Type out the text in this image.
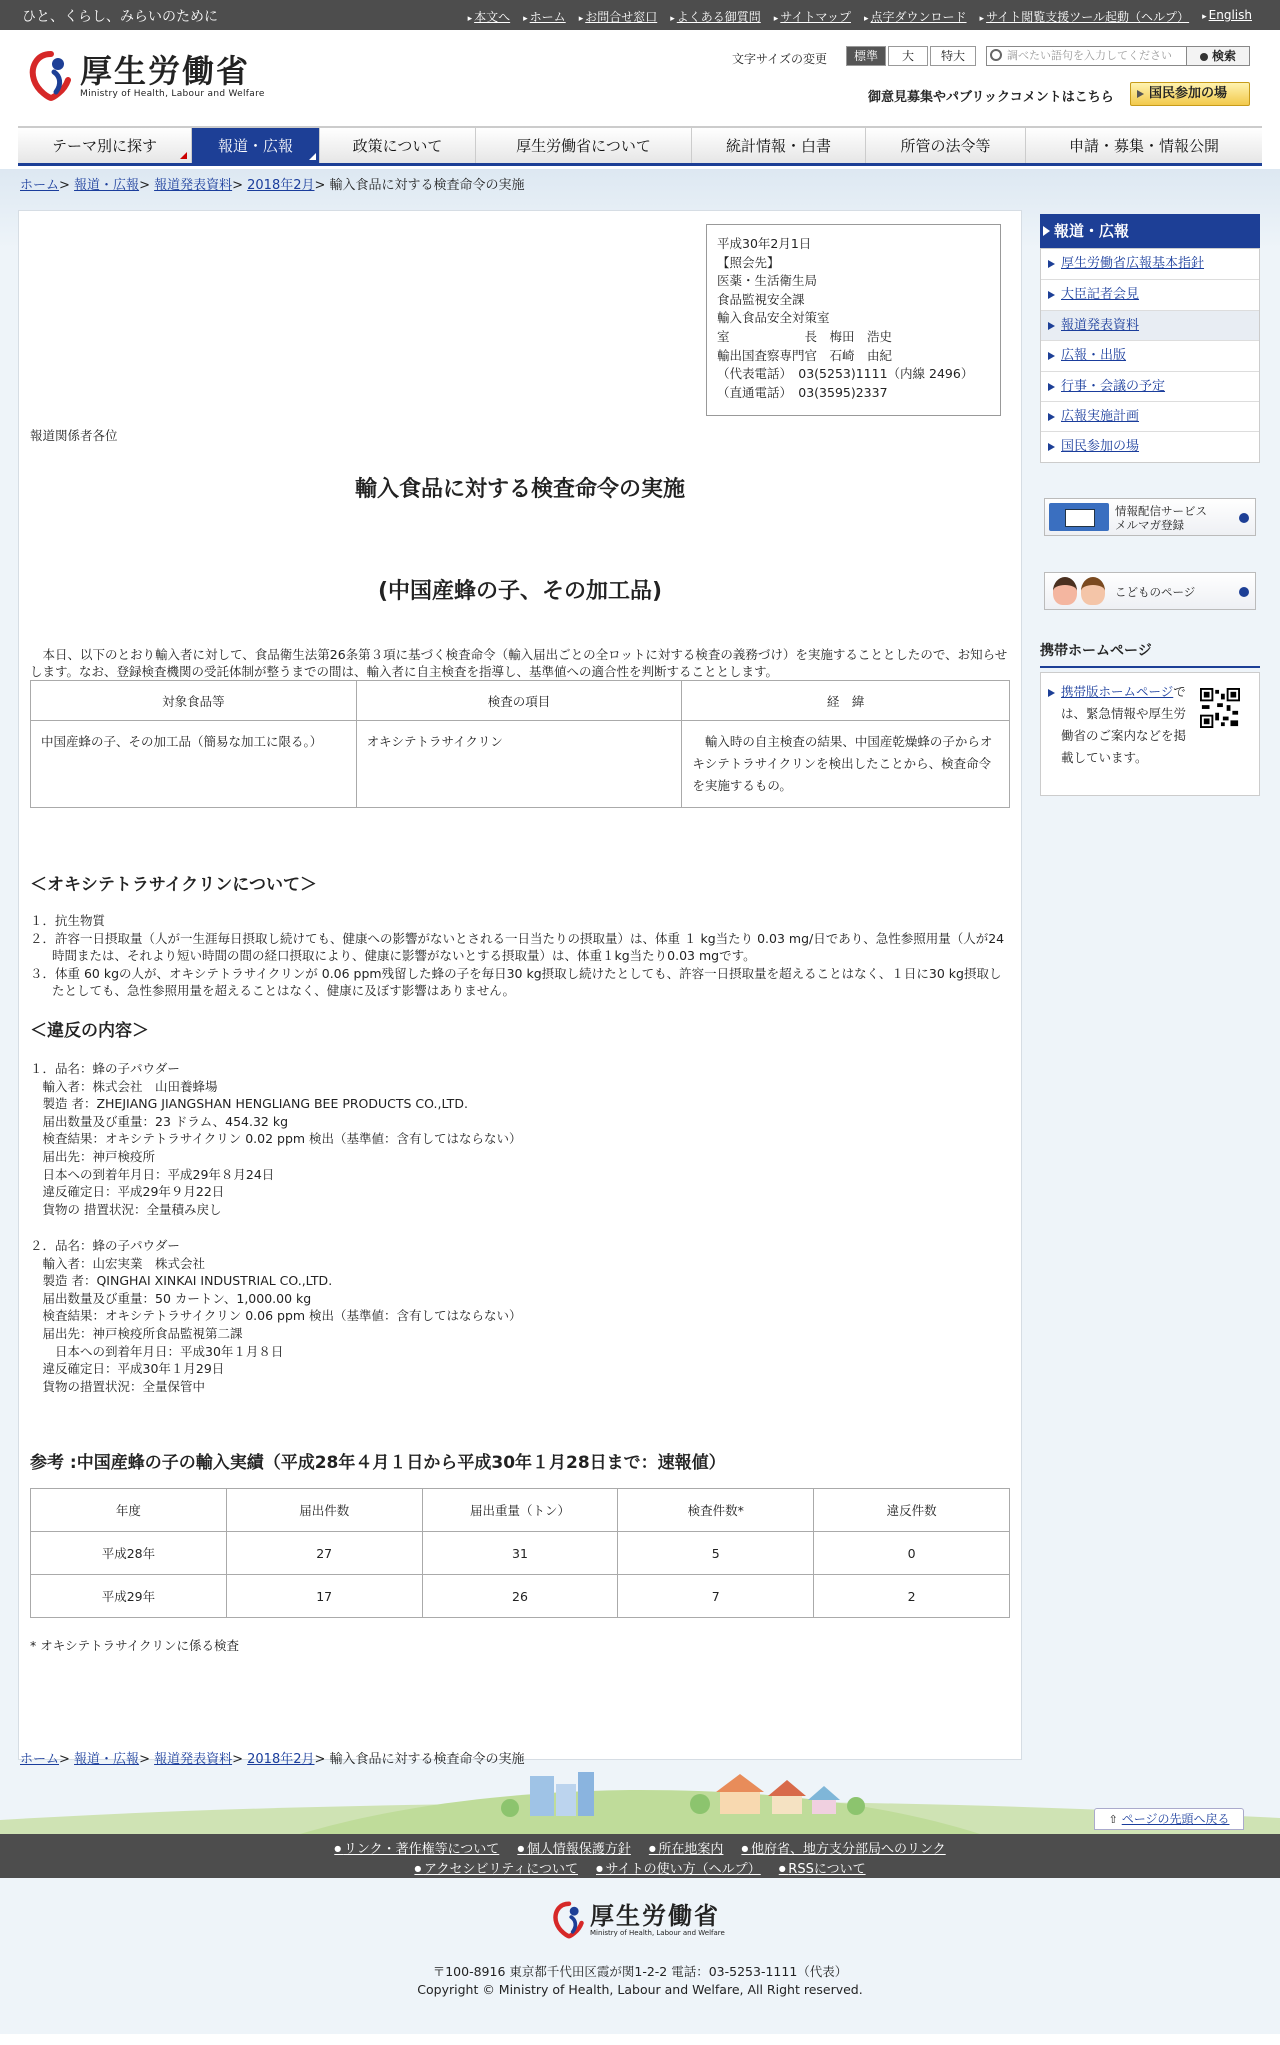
ひと、くらし、みらいのために	▸ 本文へ	▸ ホーム	▸ お問合せ窓口	▸ よくある御質問	▸ サイトマップ	▸ 点字ダウンロード	▸ サイト閲覧支援ツール起動（ヘルプ）	▸ English
厚生労働省
Ministry of Health, Labour and Welfare
文字サイズの変更	標準	大	特大	調べたい語句を入力してください	検索
御意見募集やパブリックコメントはこちら	国民参加の場
テーマ別に探す	報道・広報	政策について	厚生労働省について	統計情報・白書	所管の法令等	申請・募集・情報公開
ホーム> 報道・広報> 報道発表資料> 2018年2月> 輸入食品に対する検査命令の実施
平成30年2月1日
【照会先】
医薬・生活衛生局
食品監視安全課
輸入食品安全対策室
室　　　　　　長　梅田　浩史
輸出国査察専門官　石崎　由紀
（代表電話）　03(5253)1111（内線 2496）
（直通電話）　03(3595)2337
報道関係者各位
輸入食品に対する検査命令の実施
(中国産蜂の子、その加工品)
本日、以下のとおり輸入者に対して、食品衛生法第26条第３項に基づく検査命令（輸入届出ごとの全ロットに対する検査の義務づけ）を実施することとしたので、お知らせします。なお、登録検査機関の受託体制が整うまでの間は、輸入者に自主検査を指導し、基準値への適合性を判断することとします。
対象食品等	検査の項目	経　緯
中国産蜂の子、その加工品（簡易な加工に限る。）	オキシテトラサイクリン	輸入時の自主検査の結果、中国産乾燥蜂の子からオキシテトラサイクリンを検出したことから、検査命令を実施するもの。
＜オキシテトラサイクリンについて＞
１．抗生物質
２．許容一日摂取量（人が一生涯毎日摂取し続けても、健康への影響がないとされる一日当たりの摂取量）は、体重 １ kg当たり 0.03 mg/日であり、急性参照用量（人が24時間または、それより短い時間の間の経口摂取により、健康に影響がないとする摂取量）は、体重１kg当たり0.03 mgです。
３．体重 60 kgの人が、オキシテトラサイクリンが 0.06 ppm残留した蜂の子を毎日30 kg摂取し続けたとしても、許容一日摂取量を超えることはなく、１日に30 kg摂取したとしても、急性参照用量を超えることはなく、健康に及ぼす影響はありません。
＜違反の内容＞
１．品名：蜂の子パウダー
　輸入者：株式会社　山田養蜂場
　製造 者：ZHEJIANG JIANGSHAN HENGLIANG BEE PRODUCTS CO.,LTD.
　届出数量及び重量：23 ドラム、454.32 kg
　検査結果：オキシテトラサイクリン 0.02 ppm 検出（基準値：含有してはならない）
　届出先：神戸検疫所
　日本への到着年月日：平成29年８月24日
　違反確定日：平成29年９月22日
　貨物の 措置状況：全量積み戻し
２．品名：蜂の子パウダー
　輸入者：山宏実業　株式会社
　製造 者：QINGHAI XINKAI INDUSTRIAL CO.,LTD.
　届出数量及び重量：50 カートン、1,000.00 kg
　検査結果：オキシテトラサイクリン 0.06 ppm 検出（基準値：含有してはならない）
　届出先：神戸検疫所食品監視第二課
　　日本への到着年月日：平成30年１月８日
　違反確定日：平成30年１月29日
　貨物の措置状況：全量保管中
参考 :中国産蜂の子の輸入実績（平成28年４月１日から平成30年１月28日まで：速報値）
年度	届出件数	届出重量（トン）	検査件数*	違反件数
平成28年	27	31	5	0
平成29年	17	26	7	2
* オキシテトラサイクリンに係る検査
報道・広報
厚生労働省広報基本指針
大臣記者会見
報道発表資料
広報・出版
行事・会議の予定
広報実施計画
国民参加の場
情報配信サービス
メルマガ登録
こどものページ
携帯ホームページ
携帯版ホームページでは、緊急情報や厚生労働省のご案内などを掲載しています。
ホーム> 報道・広報> 報道発表資料> 2018年2月> 輸入食品に対する検査命令の実施
⇧ ページの先頭へ戻る
● リンク・著作権等について	● 個人情報保護方針	● 所在地案内	● 他府省、地方支分部局へのリンク
● アクセシビリティについて	● サイトの使い方（ヘルプ）	● RSSについて
厚生労働省
Ministry of Health, Labour and Welfare
〒100-8916 東京都千代田区霞が関1-2-2 電話：03-5253-1111（代表）
Copyright © Ministry of Health, Labour and Welfare, All Right reserved.
